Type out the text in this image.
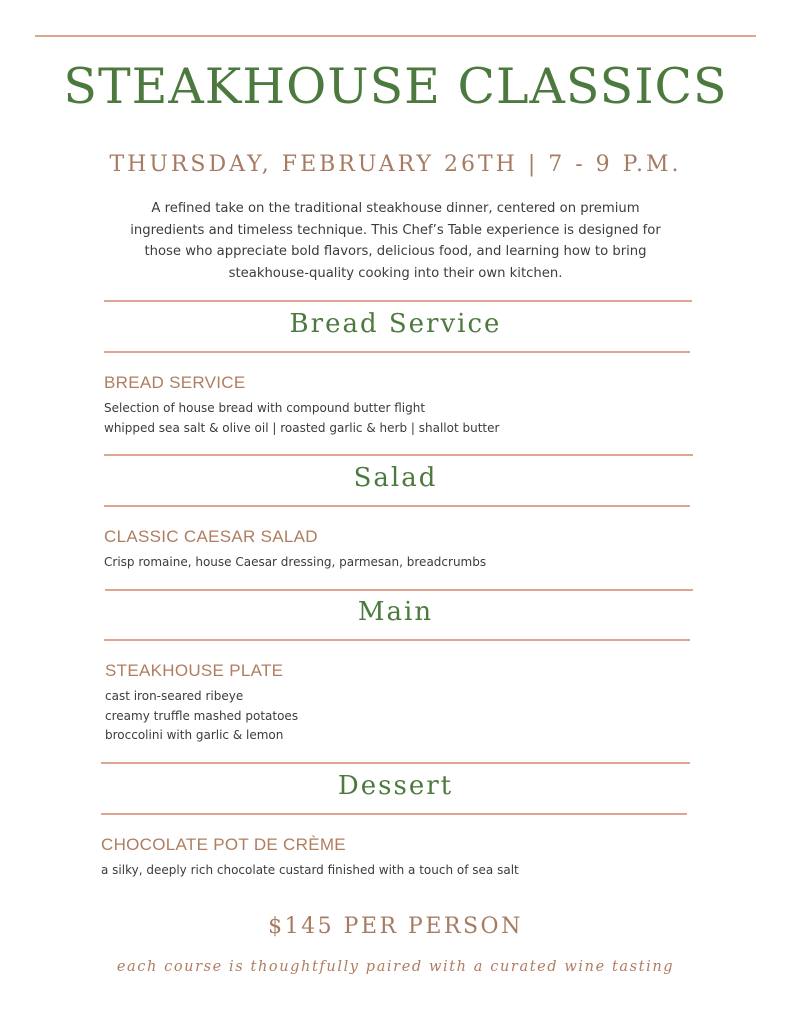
STEAKHOUSE CLASSICS
THURSDAY, FEBRUARY 26TH | 7 - 9 P.M.
A refined take on the traditional steakhouse dinner, centered on premium
ingredients and timeless technique. This Chef’s Table experience is designed for
those who appreciate bold flavors, delicious food, and learning how to bring
steakhouse-quality cooking into their own kitchen.
Bread Service
BREAD SERVICE
Selection of house bread with compound butter flight
whipped sea salt & olive oil | roasted garlic & herb | shallot butter
Salad
CLASSIC CAESAR SALAD
Crisp romaine, house Caesar dressing, parmesan, breadcrumbs
Main
STEAKHOUSE PLATE
cast iron-seared ribeye
creamy truffle mashed potatoes
broccolini with garlic & lemon
Dessert
CHOCOLATE POT DE CRÈME
a silky, deeply rich chocolate custard finished with a touch of sea salt
$145 PER PERSON
each course is thoughtfully paired with a curated wine tasting
